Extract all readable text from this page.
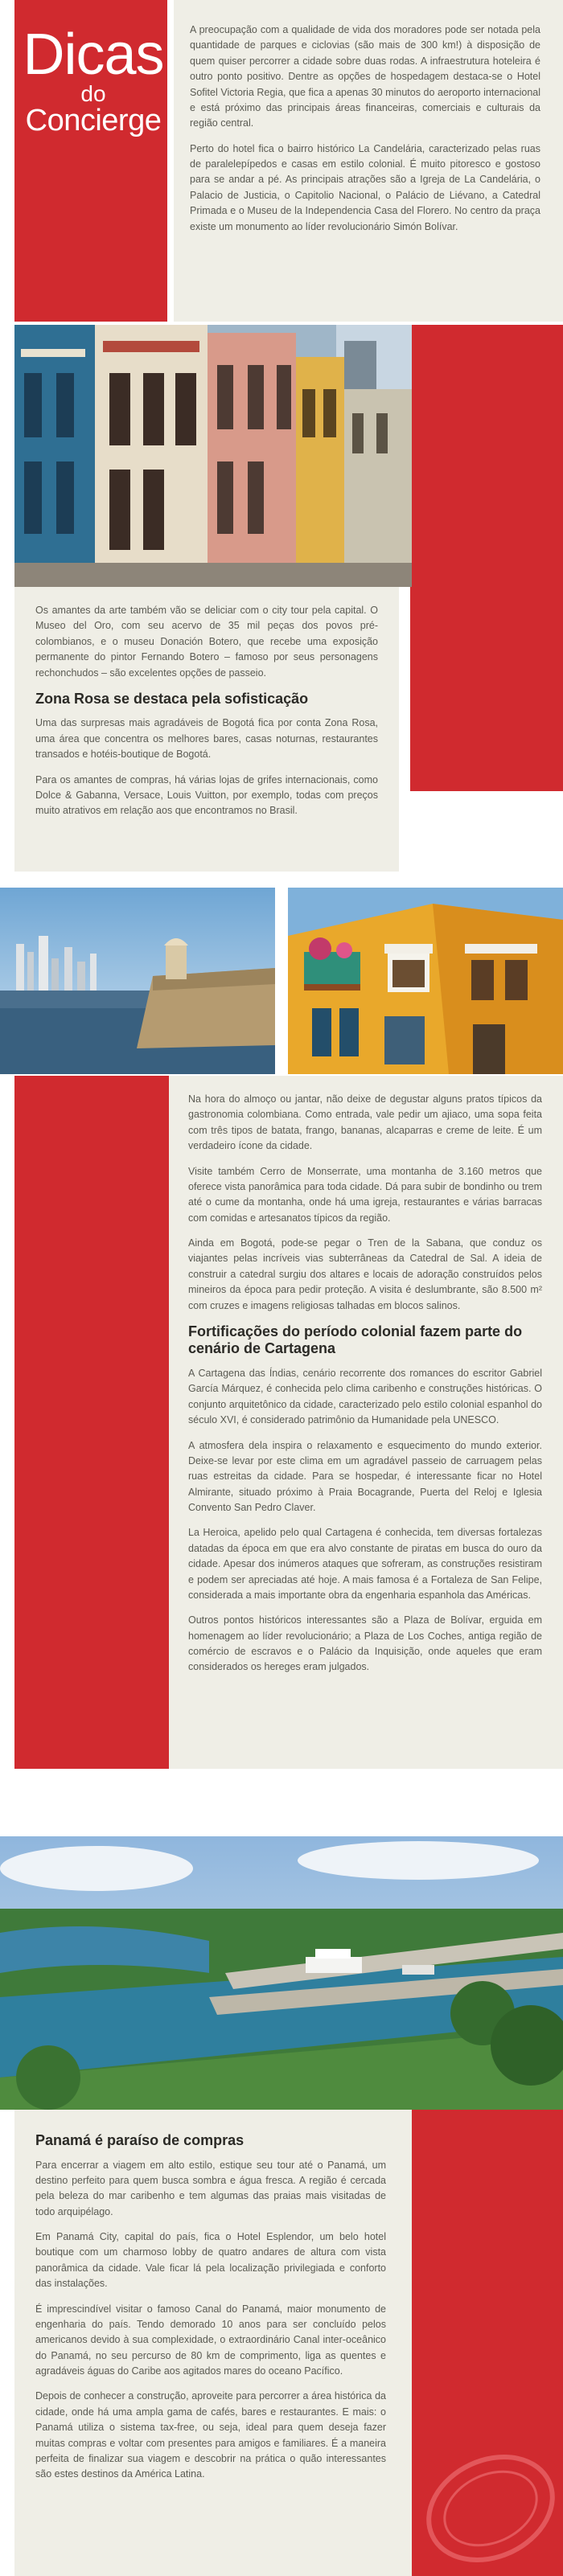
Dicas
do
Concierge

A preocupação com a qualidade de vida dos moradores pode ser notada pela quantidade de parques e ciclovias (são mais de 300 km!) à disposição de quem quiser percorrer a cidade sobre duas rodas. A infraestrutura hoteleira é outro ponto positivo. Dentre as opções de hospedagem destaca-se o Hotel Sofitel Victoria Regia, que fica a apenas 30 minutos do aeroporto internacional e está próximo das principais áreas financeiras, comerciais e culturais da região central.

Perto do hotel fica o bairro histórico La Candelária, caracterizado pelas ruas de paralelepípedos e casas em estilo colonial. É muito pitoresco e gostoso para se andar a pé. As principais atrações são a Igreja de La Candelária, o Palacio de Justicia, o Capitolio Nacional, o Palácio de Liévano, a Catedral Primada e o Museu de la Independencia Casa del Florero. No centro da praça existe um monumento ao líder revolucionário Simón Bolívar.

Os amantes da arte também vão se deliciar com o city tour pela capital. O Museo del Oro, com seu acervo de 35 mil peças dos povos pré-colombianos, e o museu Donación Botero, que recebe uma exposição permanente do pintor Fernando Botero – famoso por seus personagens rechonchudos – são excelentes opções de passeio.

Zona Rosa se destaca pela sofisticação

Uma das surpresas mais agradáveis de Bogotá fica por conta Zona Rosa, uma área que concentra os melhores bares, casas noturnas, restaurantes transados e hotéis-boutique de Bogotá.

Para os amantes de compras, há várias lojas de grifes internacionais, como Dolce & Gabanna, Versace, Louis Vuitton, por exemplo, todas com preços muito atrativos em relação aos que encontramos no Brasil.

Na hora do almoço ou jantar, não deixe de degustar alguns pratos típicos da gastronomia colombiana. Como entrada, vale pedir um ajiaco, uma sopa feita com três tipos de batata, frango, bananas, alcaparras e creme de leite. É um verdadeiro ícone da cidade.

Visite também Cerro de Monserrate, uma montanha de 3.160 metros que oferece vista panorâmica para toda cidade. Dá para subir de bondinho ou trem até o cume da montanha, onde há uma igreja, restaurantes e várias barracas com comidas e artesanatos típicos da região.

Ainda em Bogotá, pode-se pegar o Tren de la Sabana, que conduz os viajantes pelas incríveis vias subterrâneas da Catedral de Sal. A ideia de construir a catedral surgiu dos altares e locais de adoração construídos pelos mineiros da época para pedir proteção. A visita é deslumbrante, são 8.500 m² com cruzes e imagens religiosas talhadas em blocos salinos.

Fortificações do período colonial fazem parte do cenário de Cartagena

A Cartagena das Índias, cenário recorrente dos romances do escritor Gabriel García Márquez, é conhecida pelo clima caribenho e construções históricas. O conjunto arquitetônico da cidade, caracterizado pelo estilo colonial espanhol do século XVI, é considerado patrimônio da Humanidade pela UNESCO.

A atmosfera dela inspira o relaxamento e esquecimento do mundo exterior. Deixe-se levar por este clima em um agradável passeio de carruagem pelas ruas estreitas da cidade. Para se hospedar, é interessante ficar no Hotel Almirante, situado próximo à Praia Bocagrande, Puerta del Reloj e Iglesia Convento San Pedro Claver.

La Heroica, apelido pelo qual Cartagena é conhecida, tem diversas fortalezas datadas da época em que era alvo constante de piratas em busca do ouro da cidade. Apesar dos inúmeros ataques que sofreram, as construções resistiram e podem ser apreciadas até hoje. A mais famosa é a Fortaleza de San Felipe, considerada a mais importante obra da engenharia espanhola das Américas.

Outros pontos históricos interessantes são a Plaza de Bolívar, erguida em homenagem ao líder revolucionário; a Plaza de Los Coches, antiga região de comércio de escravos e o Palácio da Inquisição, onde aqueles que eram considerados os hereges eram julgados.

Panamá é paraíso de compras

Para encerrar a viagem em alto estilo, estique seu tour até o Panamá, um destino perfeito para quem busca sombra e água fresca. A região é cercada pela beleza do mar caribenho e tem algumas das praias mais visitadas de todo arquipélago.

Em Panamá City, capital do país, fica o Hotel Esplendor, um belo hotel boutique com um charmoso lobby de quatro andares de altura com vista panorâmica da cidade. Vale ficar lá pela localização privilegiada e conforto das instalações.

É imprescindível visitar o famoso Canal do Panamá, maior monumento de engenharia do país. Tendo demorado 10 anos para ser concluído pelos americanos devido à sua complexidade, o extraordinário Canal inter-oceânico do Panamá, no seu percurso de 80 km de comprimento, liga as quentes e agradáveis águas do Caribe aos agitados mares do oceano Pacífico.

Depois de conhecer a construção, aproveite para percorrer a área histórica da cidade, onde há uma ampla gama de cafés, bares e restaurantes. E mais: o Panamá utiliza o sistema tax-free, ou seja, ideal para quem deseja fazer muitas compras e voltar com presentes para amigos e familiares. É a maneira perfeita de finalizar sua viagem e descobrir na prática o quão interessantes são estes destinos da América Latina.
